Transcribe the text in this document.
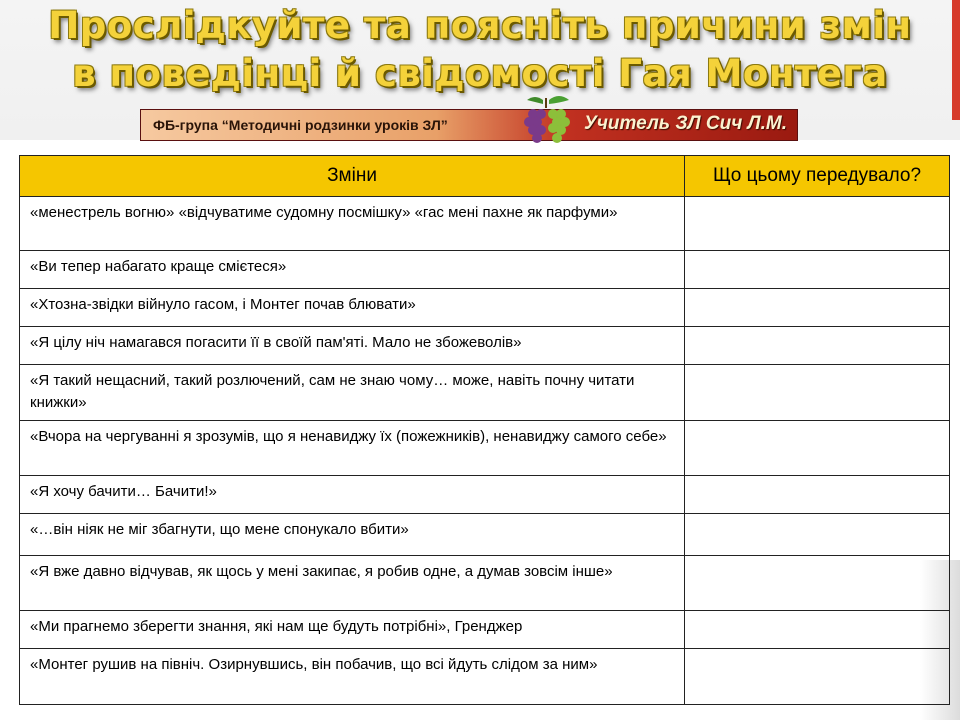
Прослідкуйте та поясніть причини змін
в поведінці й свідомості Гая Монтега
ФБ-група “Методичні родзинки уроків ЗЛ”	Учитель ЗЛ Сич Л.М.
Зміни	Що цьому передувало?
«менестрель вогню» «відчуватиме судомну посмішку» «гас мені пахне як парфуми»	
«Ви тепер набагато краще смієтеся»	
«Хтозна-звідки війнуло гасом, і Монтег почав блювати»	
«Я цілу ніч намагався погасити її в своїй пам'яті. Мало не збожеволів»	
«Я такий нещасний, такий розлючений, сам не знаю чому… може, навіть почну читати книжки»	
«Вчора на чергуванні я зрозумів, що я ненавиджу їх (пожежників), ненавиджу самого себе»	
«Я хочу бачити… Бачити!»	
«…він ніяк не міг збагнути, що мене спонукало вбити»	
«Я вже давно відчував, як щось у мені закипає, я робив одне, а думав зовсім інше»	
«Ми прагнемо зберегти знання, які нам ще будуть потрібні», Гренджер	
«Монтег рушив на північ. Озирнувшись, він побачив, що всі йдуть слідом за ним»	
